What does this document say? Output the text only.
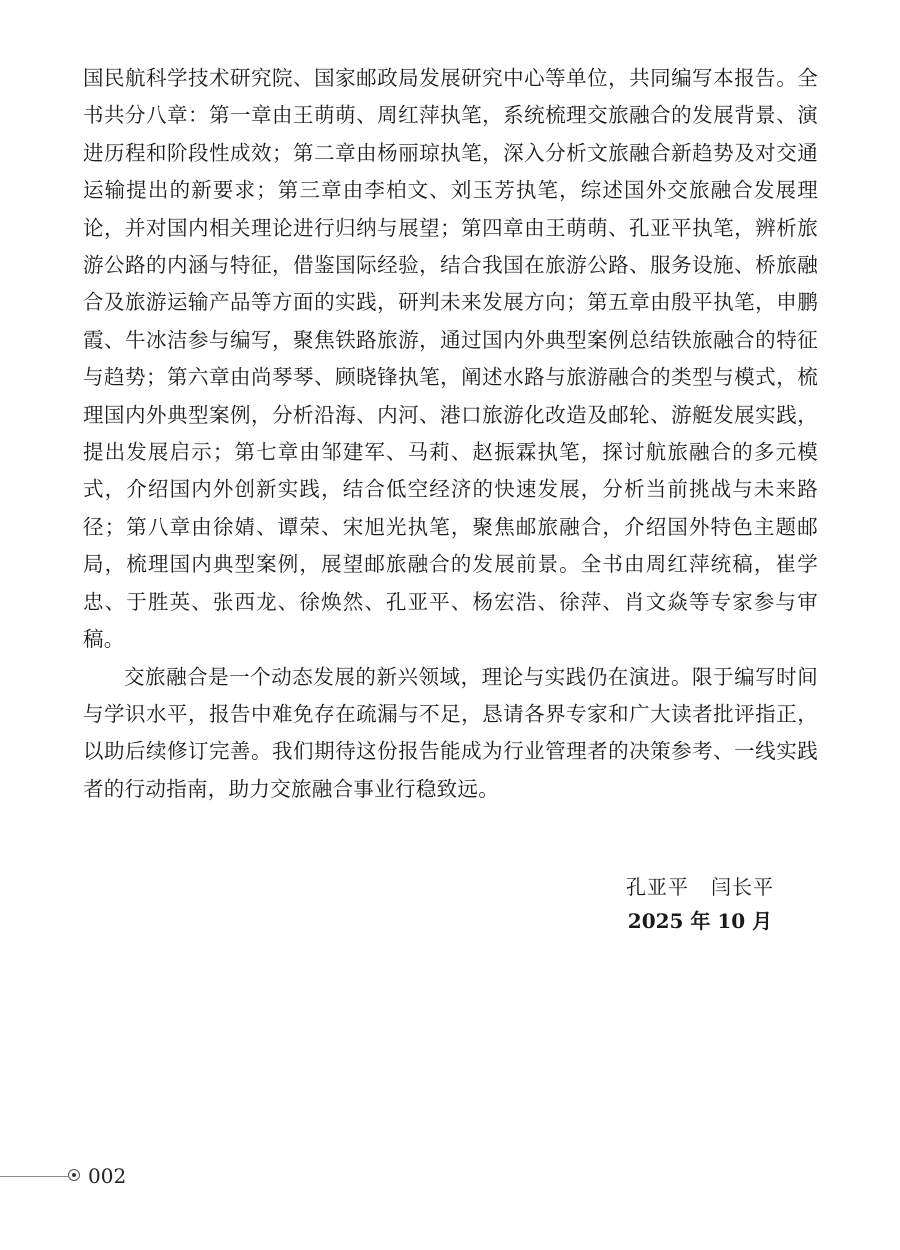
国民航科学技术研究院、国家邮政局发展研究中心等单位，共同编写本报告。全书共分八章：第一章由王萌萌、周红萍执笔，系统梳理交旅融合的发展背景、演进历程和阶段性成效；第二章由杨丽琼执笔，深入分析文旅融合新趋势及对交通运输提出的新要求；第三章由李柏文、刘玉芳执笔，综述国外交旅融合发展理论，并对国内相关理论进行归纳与展望；第四章由王萌萌、孔亚平执笔，辨析旅游公路的内涵与特征，借鉴国际经验，结合我国在旅游公路、服务设施、桥旅融合及旅游运输产品等方面的实践，研判未来发展方向；第五章由殷平执笔，申鹏霞、牛冰洁参与编写，聚焦铁路旅游，通过国内外典型案例总结铁旅融合的特征与趋势；第六章由尚琴琴、顾晓锋执笔，阐述水路与旅游融合的类型与模式，梳理国内外典型案例，分析沿海、内河、港口旅游化改造及邮轮、游艇发展实践，提出发展启示；第七章由邹建军、马莉、赵振霖执笔，探讨航旅融合的多元模式，介绍国内外创新实践，结合低空经济的快速发展，分析当前挑战与未来路径；第八章由徐婧、谭荣、宋旭光执笔，聚焦邮旅融合，介绍国外特色主题邮局，梳理国内典型案例，展望邮旅融合的发展前景。全书由周红萍统稿，崔学忠、于胜英、张西龙、徐焕然、孔亚平、杨宏浩、徐萍、肖文焱等专家参与审稿。

交旅融合是一个动态发展的新兴领域，理论与实践仍在演进。限于编写时间与学识水平，报告中难免存在疏漏与不足，恳请各界专家和广大读者批评指正，以助后续修订完善。我们期待这份报告能成为行业管理者的决策参考、一线实践者的行动指南，助力交旅融合事业行稳致远。

孔亚平 闫长平
2025 年 10 月
002
